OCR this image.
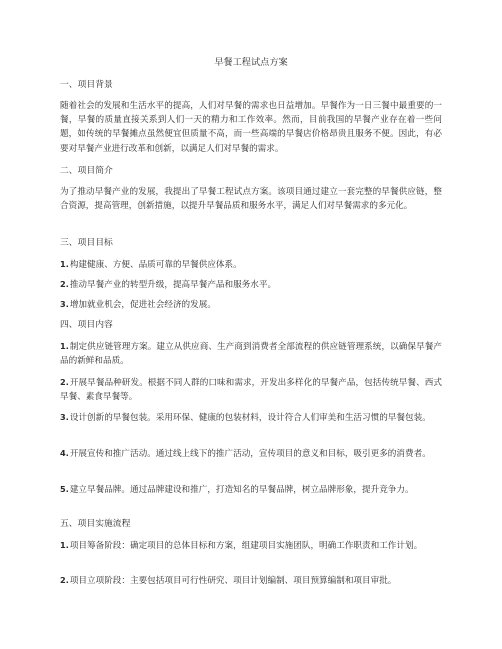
早餐工程试点方案
一、项目背景
随着社会的发展和生活水平的提高，人们对早餐的需求也日益增加。早餐作为一日三餐中最重要的一餐，早餐的质量直接关系到人们一天的精力和工作效率。然而，目前我国的早餐产业存在着一些问题，如传统的早餐摊点虽然便宜但质量不高，而一些高端的早餐店价格昂贵且服务不便。因此，有必要对早餐产业进行改革和创新，以满足人们对早餐的需求。
二、项目简介
为了推动早餐产业的发展，我提出了早餐工程试点方案。该项目通过建立一套完整的早餐供应链，整合资源，提高管理，创新措施，以提升早餐品质和服务水平，满足人们对早餐需求的多元化。
三、项目目标
1.构建健康、方便、品质可靠的早餐供应体系。
2.推动早餐产业的转型升级，提高早餐产品和服务水平。
3.增加就业机会，促进社会经济的发展。
四、项目内容
1.制定供应链管理方案。建立从供应商、生产商到消费者全部流程的供应链管理系统，以确保早餐产品的新鲜和品质。
2.开展早餐品种研发。根据不同人群的口味和需求，开发出多样化的早餐产品，包括传统早餐、西式早餐、素食早餐等。
3.设计创新的早餐包装。采用环保、健康的包装材料，设计符合人们审美和生活习惯的早餐包装。
4.开展宣传和推广活动。通过线上线下的推广活动，宣传项目的意义和目标，吸引更多的消费者。
5.建立早餐品牌。通过品牌建设和推广，打造知名的早餐品牌，树立品牌形象，提升竞争力。
五、项目实施流程
1.项目筹备阶段：确定项目的总体目标和方案，组建项目实施团队，明确工作职责和工作计划。
2.项目立项阶段：主要包括项目可行性研究、项目计划编制、项目预算编制和项目审批。
